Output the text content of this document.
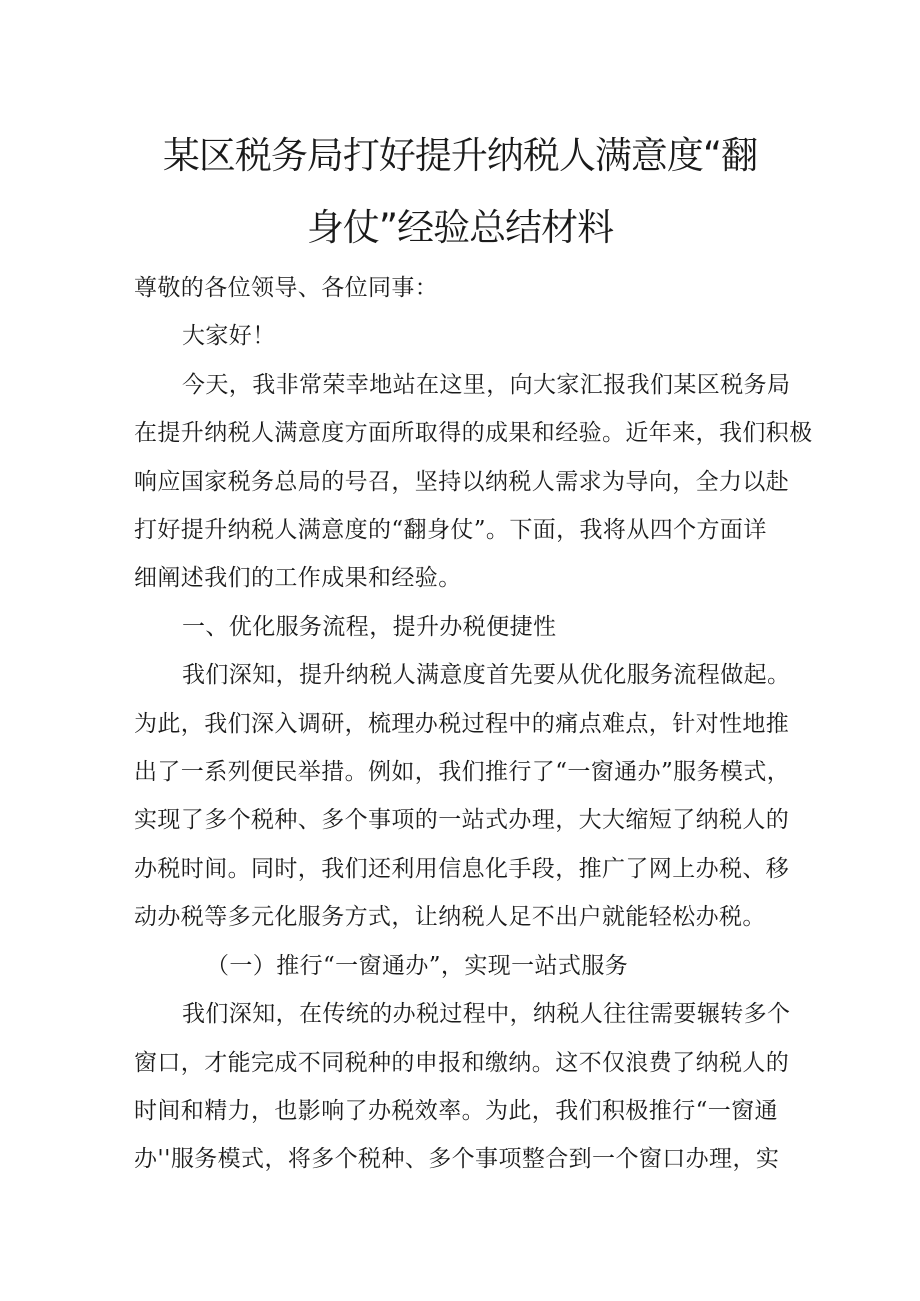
某区税务局打好提升纳税人满意度“翻
身仗”经验总结材料

尊敬的各位领导、各位同事：

大家好！

今天，我非常荣幸地站在这里，向大家汇报我们某区税务局
在提升纳税人满意度方面所取得的成果和经验。近年来，我们积极
响应国家税务总局的号召，坚持以纳税人需求为导向，全力以赴
打好提升纳税人满意度的“翻身仗”。下面，我将从四个方面详
细阐述我们的工作成果和经验。

一、优化服务流程，提升办税便捷性

我们深知，提升纳税人满意度首先要从优化服务流程做起。
为此，我们深入调研，梳理办税过程中的痛点难点，针对性地推
出了一系列便民举措。例如，我们推行了“一窗通办”服务模式，
实现了多个税种、多个事项的一站式办理，大大缩短了纳税人的
办税时间。同时，我们还利用信息化手段，推广了网上办税、移
动办税等多元化服务方式，让纳税人足不出户就能轻松办税。

（一）推行“一窗通办”，实现一站式服务

我们深知，在传统的办税过程中，纳税人往往需要辗转多个
窗口，才能完成不同税种的申报和缴纳。这不仅浪费了纳税人的
时间和精力，也影响了办税效率。为此，我们积极推行“一窗通
办''服务模式，将多个税种、多个事项整合到一个窗口办理，实
